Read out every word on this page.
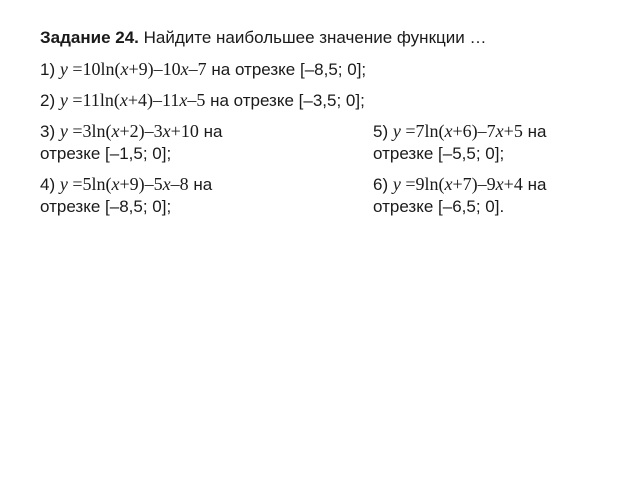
Задание 24. Найдите наибольшее значение функции …
1) y =10ln(x+9)–10x–7 на отрезке [–8,5; 0];
2) y =11ln(x+4)–11x–5 на отрезке [–3,5; 0];
3) y =3ln(x+2)–3x+10 на
отрезке [–1,5; 0];
4) y =5ln(x+9)–5x–8 на
отрезке [–8,5; 0];
5) y =7ln(x+6)–7x+5 на
отрезке [–5,5; 0];
6) y =9ln(x+7)–9x+4 на
отрезке [–6,5; 0].
